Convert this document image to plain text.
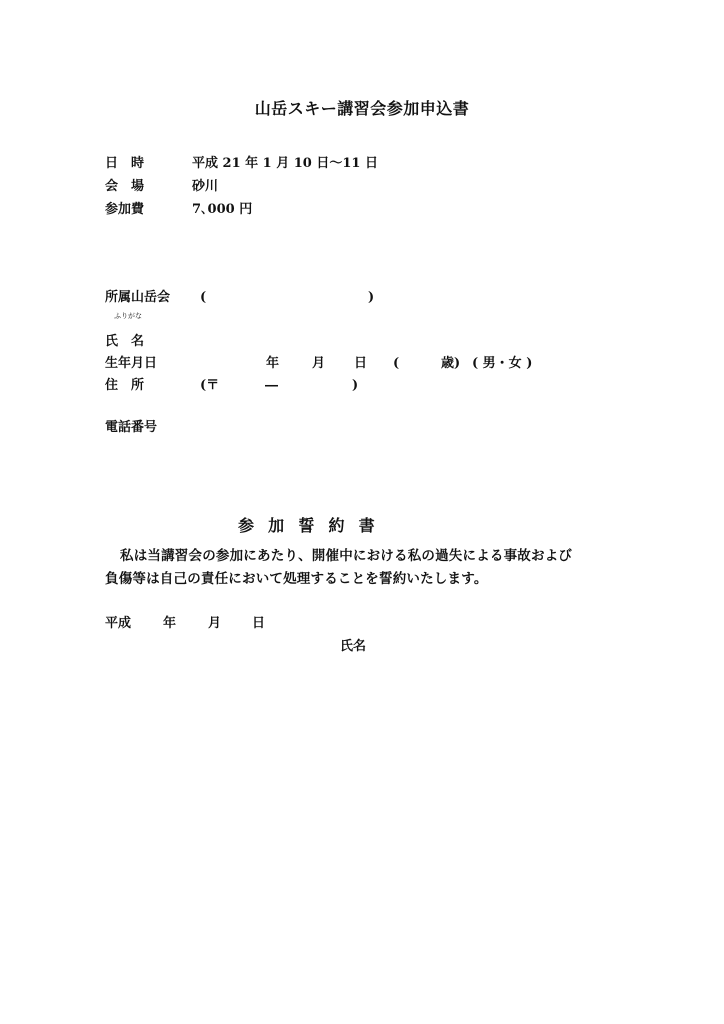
山岳スキー講習会参加申込書
日　時	平成 21 年 1 月 10 日～11 日
会　場	砂川
参加費	7､000 円
所属山岳会 (	)
ふりがな
氏　名
生年月日	年	月 日 (	歳) ( 男・女 )
住　所	(〒	―	)
電話番号
参 加 誓 約 書
私は当講習会の参加にあたり、開催中における私の過失による事故および
負傷等は自己の責任において処理することを誓約いたします。
平成 年 月 日
氏名
